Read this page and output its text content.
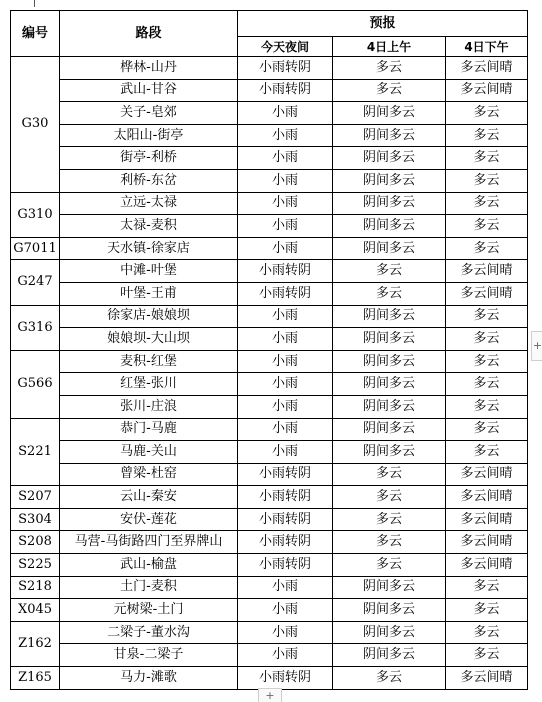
编号	路段	预报		
		今天夜间	4日上午	4日下午
G30	桦林-山丹	小雨转阴	多云	多云间晴
	武山-甘谷	小雨转阴	多云	多云间晴
	关子-皂郊	小雨	阴间多云	多云
	太阳山-街亭	小雨	阴间多云	多云
	街亭-利桥	小雨	阴间多云	多云
	利桥-东岔	小雨	阴间多云	多云
G310	立远-太禄	小雨	阴间多云	多云
	太禄-麦积	小雨	阴间多云	多云
G7011	天水镇-徐家店	小雨	阴间多云	多云
G247	中滩-叶堡	小雨转阴	多云	多云间晴
	叶堡-王甫	小雨转阴	多云	多云间晴
G316	徐家店-娘娘坝	小雨	阴间多云	多云
	娘娘坝-大山坝	小雨	阴间多云	多云
G566	麦积-红堡	小雨	阴间多云	多云
	红堡-张川	小雨	阴间多云	多云
	张川-庄浪	小雨	阴间多云	多云
S221	恭门-马鹿	小雨	阴间多云	多云
	马鹿-关山	小雨	阴间多云	多云
	曾梁-杜窑	小雨转阴	多云	多云间晴
S207	云山-秦安	小雨转阴	多云	多云间晴
S304	安伏-莲花	小雨转阴	多云	多云间晴
S208	马营-马街路四门至界牌山	小雨转阴	多云	多云间晴
S225	武山-榆盘	小雨转阴	多云	多云间晴
S218	土门-麦积	小雨	阴间多云	多云
X045	元树梁-土门	小雨	阴间多云	多云
Z162	二梁子-董水沟	小雨	阴间多云	多云
	甘泉-二梁子	小雨	阴间多云	多云
Z165	马力-滩歌	小雨转阴	多云	多云间晴
+
+
